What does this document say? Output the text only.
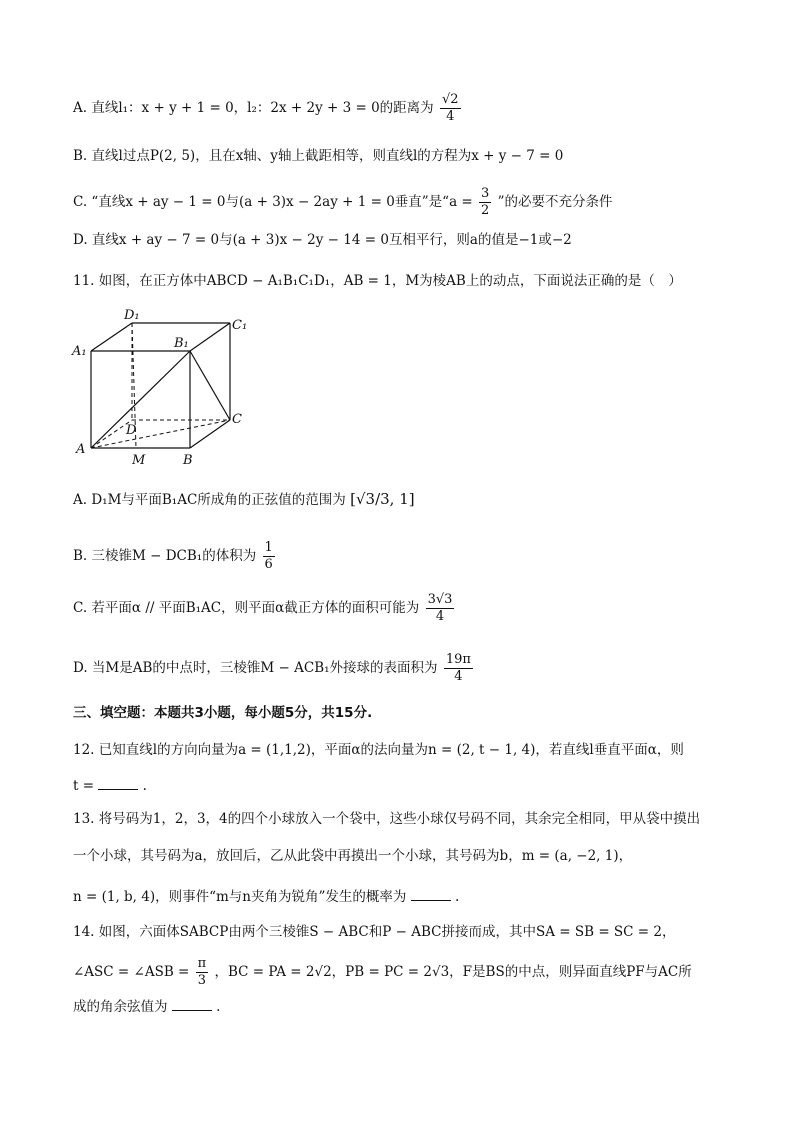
A. 直线l₁：x + y + 1 = 0，l₂：2x + 2y + 3 = 0的距离为 $\frac{√2}{4}$
B. 直线l过点P(2, 5)，且在x轴、y轴上截距相等，则直线l的方程为x + y − 7 = 0
C. “直线x + ay − 1 = 0与(a + 3)x − 2ay + 1 = 0垂直”是“$a = \frac{3}{2}$ ”的必要不充分条件
D. 直线x + ay − 7 = 0与(a + 3)x − 2y − 14 = 0互相平行，则a的值是−1或−2
11. 如图，在正方体中ABCD − A₁B₁C₁D₁，AB = 1，M为棱AB上的动点，下面说法正确的是（　）
D₁
C₁
A₁
B₁
D
C
A
M	B
A. D₁M与平面B₁AC所成角的正弦值的范围为 [√3/3, 1]
B. 三棱锥M − DCB₁的体积为 $\frac{1}{6}$
C. 若平面α // 平面B₁AC，则平面α截正方体的面积可能为 $\frac{3√3}{4}$
D. 当M是AB的中点时，三棱锥M − ACB₁外接球的表面积为 $\frac{19\pi}{4}$
三、填空题：本题共3小题，每小题5分，共15分.
12. 已知直线l的方向向量为a = (1,1,2)，平面α的法向量为n = (2, t − 1, 4)，若直线l垂直平面α，则
t =	.
13. 将号码为1，2，3，4的四个小球放入一个袋中，这些小球仅号码不同，其余完全相同，甲从袋中摸出
一个小球，其号码为a，放回后，乙从此袋中再摸出一个小球，其号码为b，m = (a, −2, 1)，
n = (1, b, 4)，则事件“m与n夹角为锐角”发生的概率为	.
14. 如图，六面体SABCP由两个三棱锥S − ABC和P − ABC拼接而成，其中SA = SB = SC = 2，
∠ASC = ∠ASB = $\frac{\pi}{3}$ ，BC = PA = 2√2，PB = PC = 2√3，F是BS的中点，则异面直线PF与AC所
成的角余弦值为	.
